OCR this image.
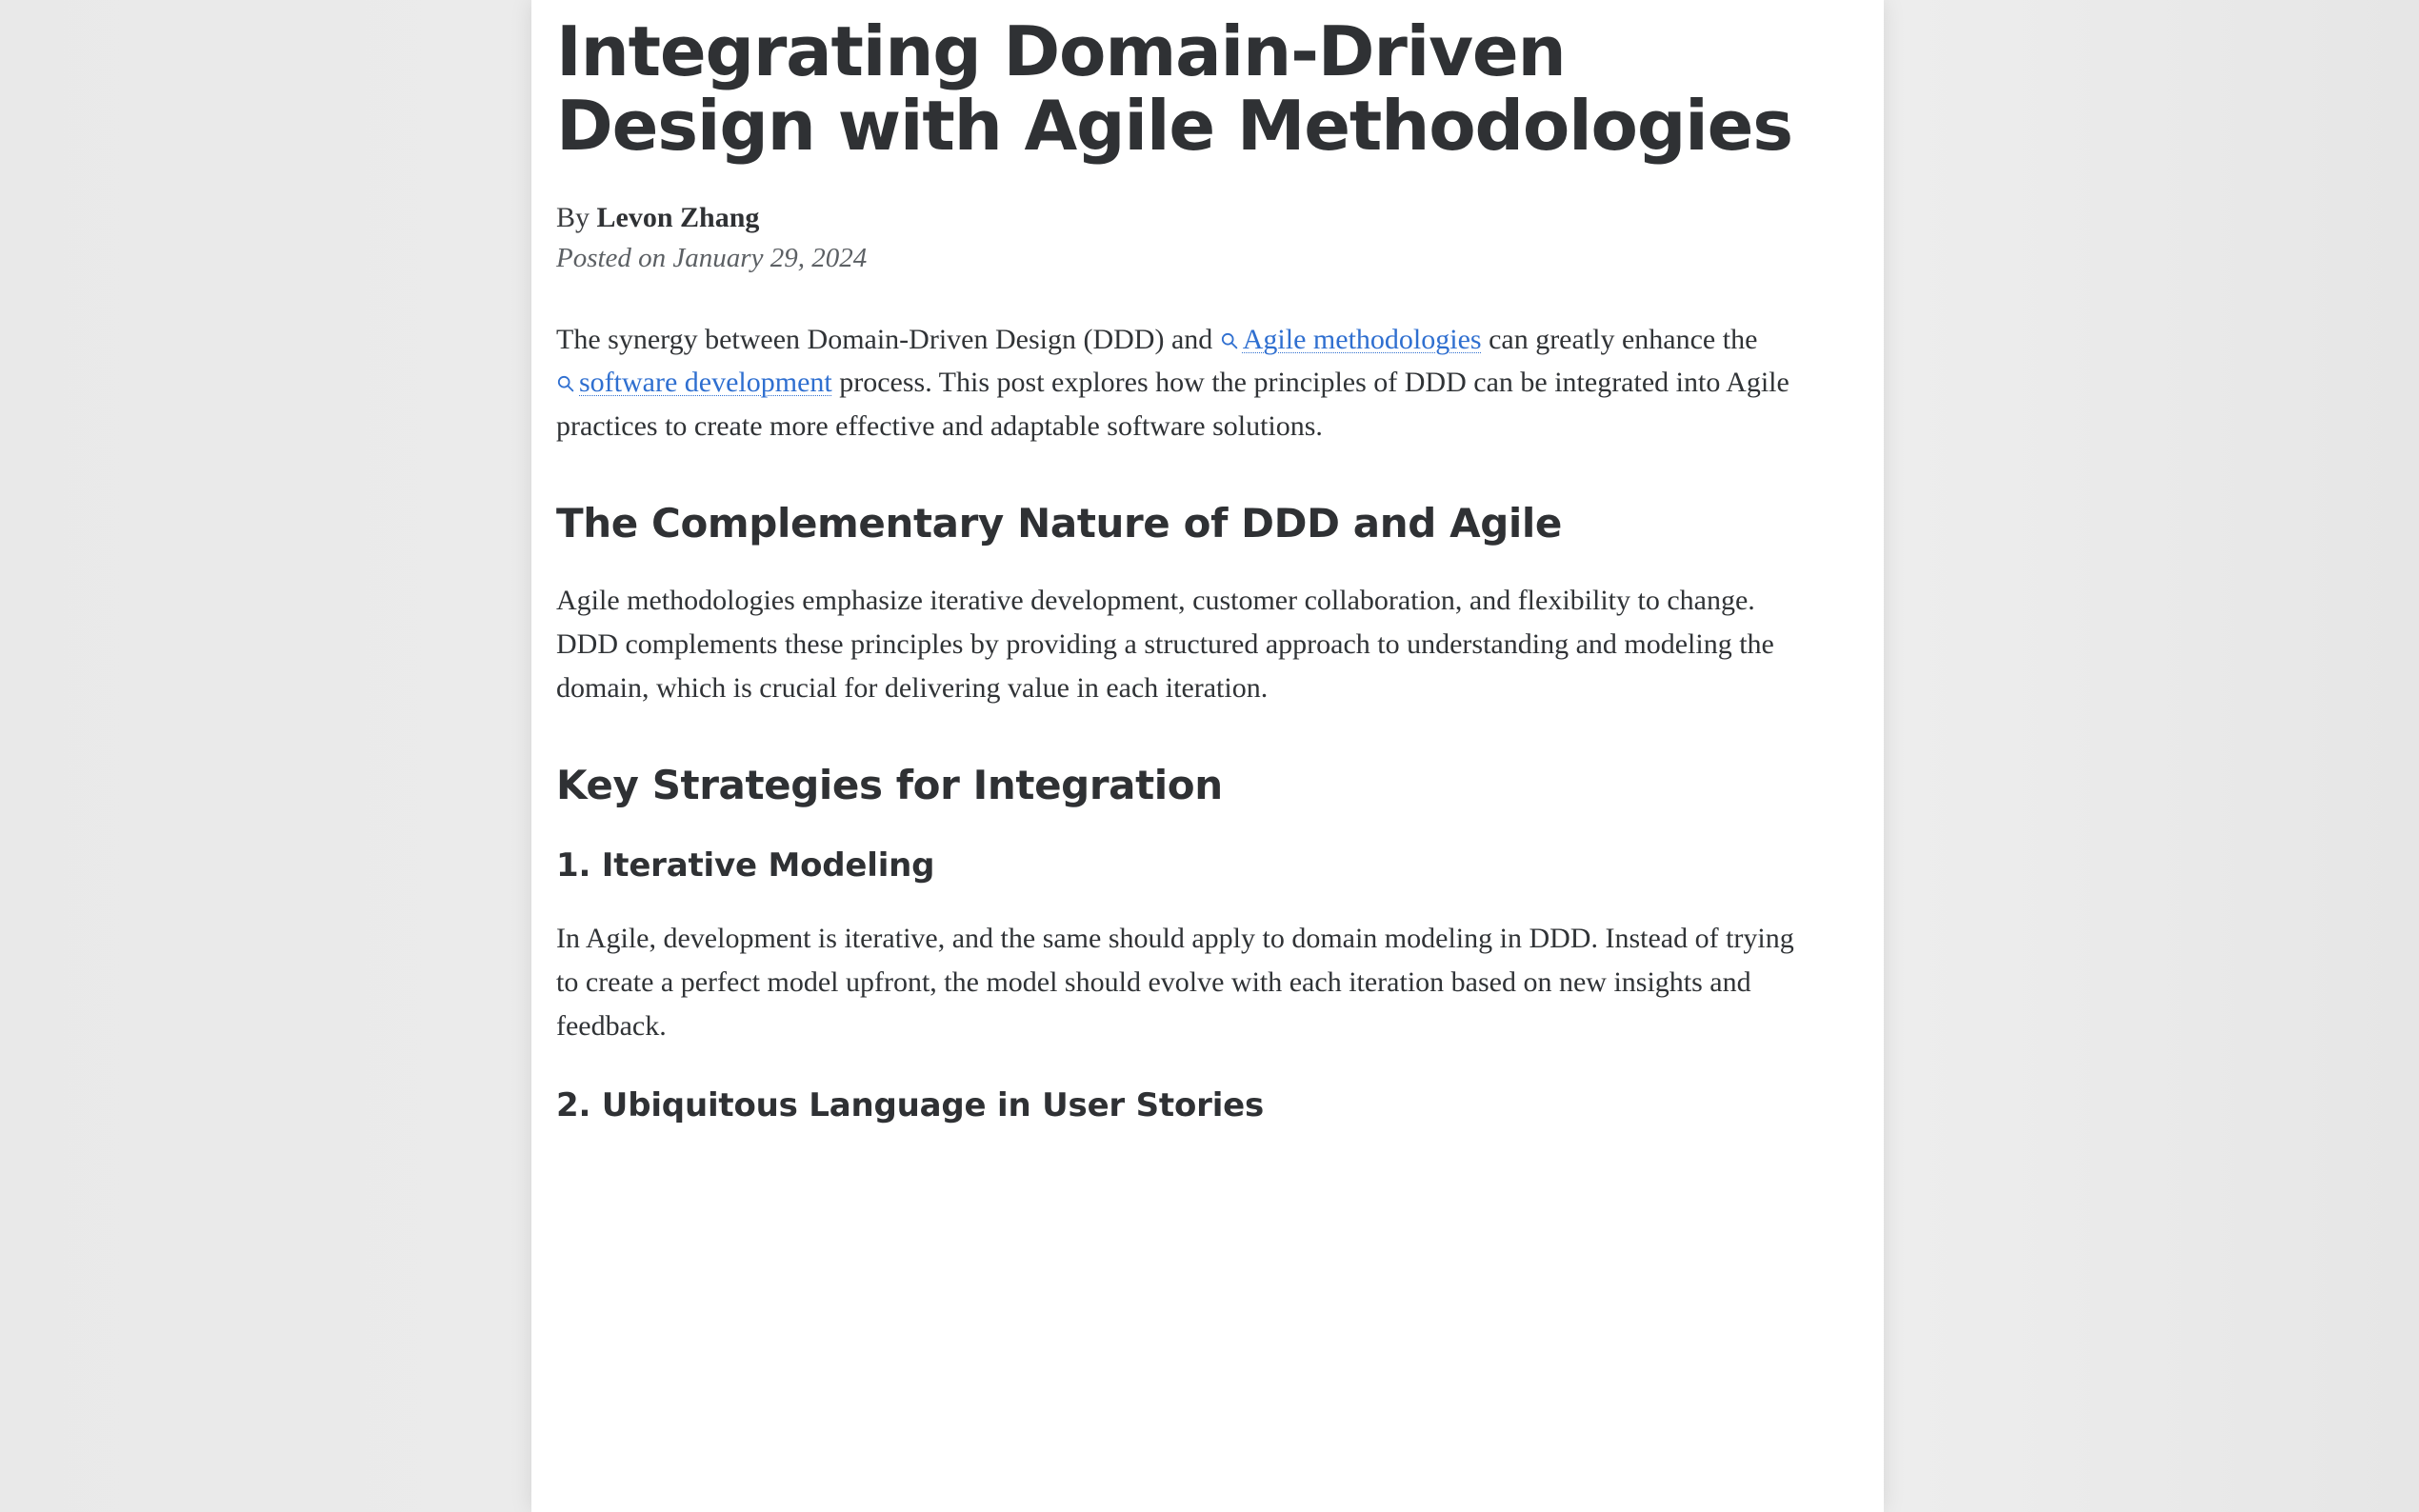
Integrating Domain-Driven Design with Agile Methodologies
By Levon Zhang
Posted on January 29, 2024

The synergy between Domain-Driven Design (DDD) and
Agile methodologies can greatly enhance the
software development process. This post explores how the principles of DDD can be integrated into Agile practices to create more effective and adaptable software solutions.

The Complementary Nature of DDD and Agile

Agile methodologies emphasize iterative development, customer collaboration, and flexibility to change. DDD complements these principles by providing a structured approach to understanding and modeling the domain, which is crucial for delivering value in each iteration.

Key Strategies for Integration
1. Iterative Modeling

In Agile, development is iterative, and the same should apply to domain modeling in DDD. Instead of trying to create a perfect model upfront, the model should evolve with each iteration based on new insights and feedback.

2. Ubiquitous Language in User Stories
